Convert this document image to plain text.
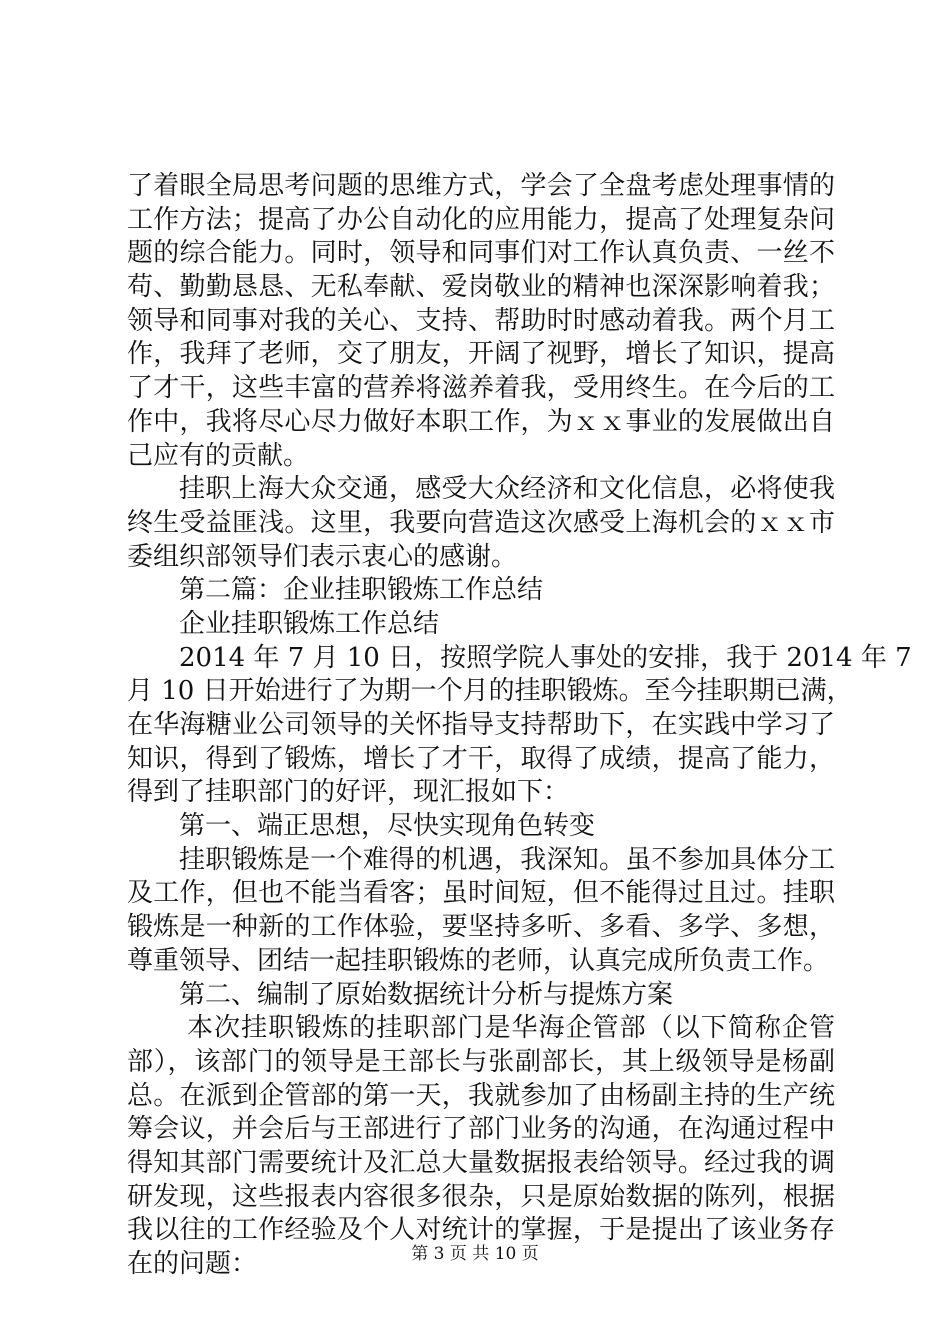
了着眼全局思考问题的思维方式，学会了全盘考虑处理事情的
工作方法；提高了办公自动化的应用能力，提高了处理复杂问
题的综合能力。同时，领导和同事们对工作认真负责、一丝不
苟、勤勤恳恳、无私奉献、爱岗敬业的精神也深深影响着我；
领导和同事对我的关心、支持、帮助时时感动着我。两个月工
作，我拜了老师，交了朋友，开阔了视野，增长了知识，提高
了才干，这些丰富的营养将滋养着我，受用终生。在今后的工
作中，我将尽心尽力做好本职工作，为ｘｘ事业的发展做出自
己应有的贡献。
挂职上海大众交通，感受大众经济和文化信息，必将使我
终生受益匪浅。这里，我要向营造这次感受上海机会的ｘｘ市
委组织部领导们表示衷心的感谢。
第二篇：企业挂职锻炼工作总结
企业挂职锻炼工作总结
2014 年 7 月 10 日，按照学院人事处的安排，我于 2014 年 7
月 10 日开始进行了为期一个月的挂职锻炼。至今挂职期已满，
在华海糖业公司领导的关怀指导支持帮助下，在实践中学习了
知识，得到了锻炼，增长了才干，取得了成绩，提高了能力，
得到了挂职部门的好评，现汇报如下：
第一、端正思想，尽快实现角色转变
挂职锻炼是一个难得的机遇，我深知。虽不参加具体分工
及工作，但也不能当看客；虽时间短，但不能得过且过。挂职
锻炼是一种新的工作体验，要坚持多听、多看、多学、多想，
尊重领导、团结一起挂职锻炼的老师，认真完成所负责工作。
第二、编制了原始数据统计分析与提炼方案
本次挂职锻炼的挂职部门是华海企管部（以下简称企管
部），该部门的领导是王部长与张副部长，其上级领导是杨副
总。在派到企管部的第一天，我就参加了由杨副主持的生产统
筹会议，并会后与王部进行了部门业务的沟通，在沟通过程中
得知其部门需要统计及汇总大量数据报表给领导。经过我的调
研发现，这些报表内容很多很杂，只是原始数据的陈列，根据
我以往的工作经验及个人对统计的掌握，于是提出了该业务存
在的问题：	第 3 页 共 10 页
